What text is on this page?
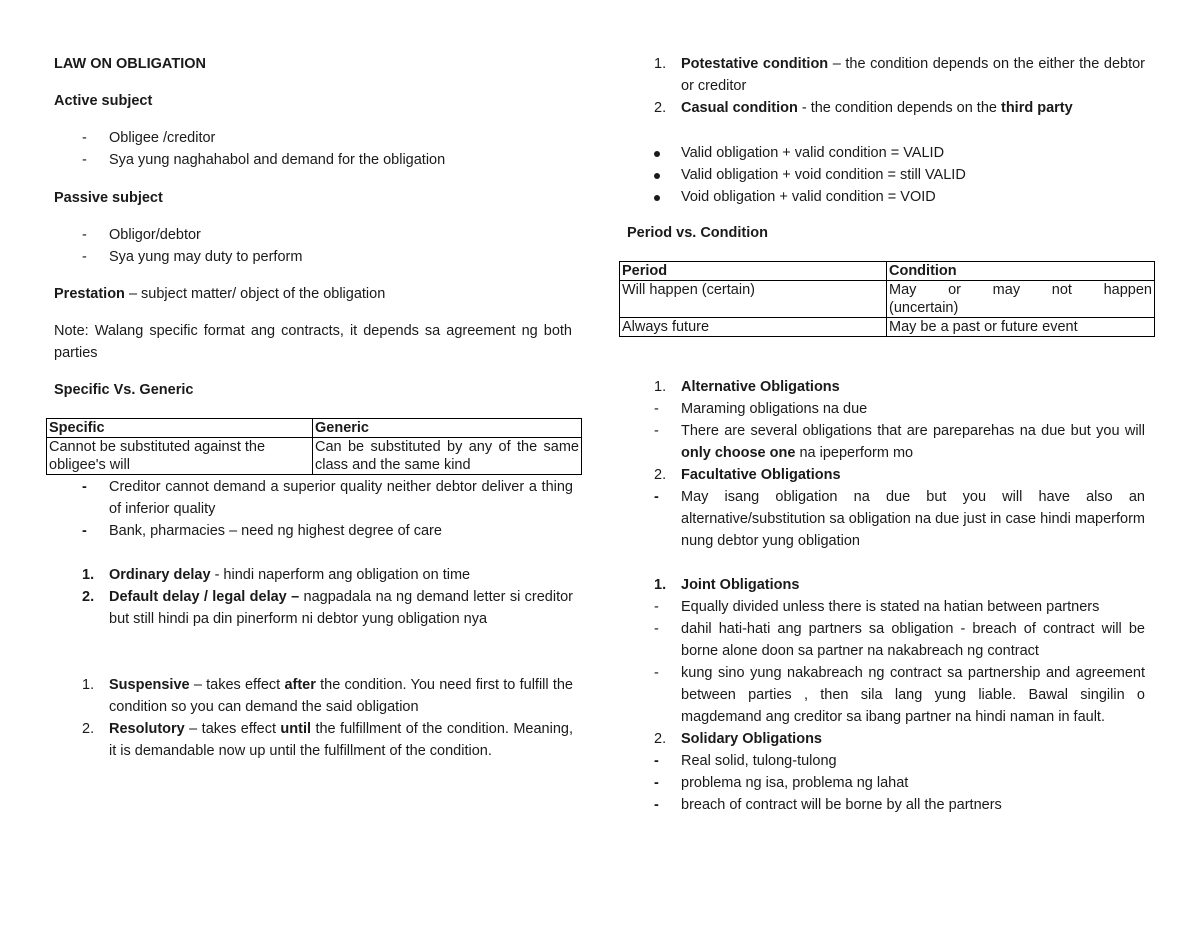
LAW ON OBLIGATION

Active subject

-	Obligee /creditor
-	Sya yung naghahabol and demand for the obligation

Passive subject

-	Obligor/debtor
-	Sya yung may duty to perform

Prestation – subject matter/ object of the obligation

Note: Walang specific format ang contracts, it depends sa agreement ng both parties

Specific Vs. Generic

Specific	Generic
Cannot be substituted against the obligee's will	Can be substituted by any of the same class and the same kind
-	Creditor cannot demand a superior quality neither debtor deliver a thing of inferior quality
-	Bank, pharmacies – need ng highest degree of care
1.	Ordinary delay - hindi naperform ang obligation on time
2.	Default delay / legal delay – nagpadala na ng demand letter si creditor but still hindi pa din pinerform ni debtor yung obligation nya
1.	Suspensive – takes effect after the condition. You need first to fulfill the condition so you can demand the said obligation
2.	Resolutory – takes effect until the fulfillment of the condition. Meaning, it is demandable now up until the fulfillment of the condition.
1.	Potestative condition – the condition depends on the either the debtor or creditor
2.	Casual condition - the condition depends on the third party
Valid obligation + valid condition = VALID
Valid obligation + void condition = still VALID
Void obligation + valid condition = VOID

Period vs. Condition

Period	Condition
Will happen (certain)	May or may not happen
(uncertain)

Always future	May be a past or future event
1.	Alternative Obligations
-	Maraming obligations na due
-	There are several obligations that are pareparehas na due but you will only choose one na ipeperform mo
2.	Facultative Obligations
-	May isang obligation na due but you will have also an alternative/substitution sa obligation na due just in case hindi maperform nung debtor yung obligation
1.	Joint Obligations
-	Equally divided unless there is stated na hatian between partners
-	dahil hati-hati ang partners sa obligation - breach of contract will be borne alone doon sa partner na nakabreach ng contract
-	kung sino yung nakabreach ng contract sa partnership and agreement between parties , then sila lang yung liable. Bawal singilin o magdemand ang creditor sa ibang partner na hindi naman in fault.
2.	Solidary Obligations
-	Real solid, tulong-tulong
-	problema ng isa, problema ng lahat
-	breach of contract will be borne by all the partners
